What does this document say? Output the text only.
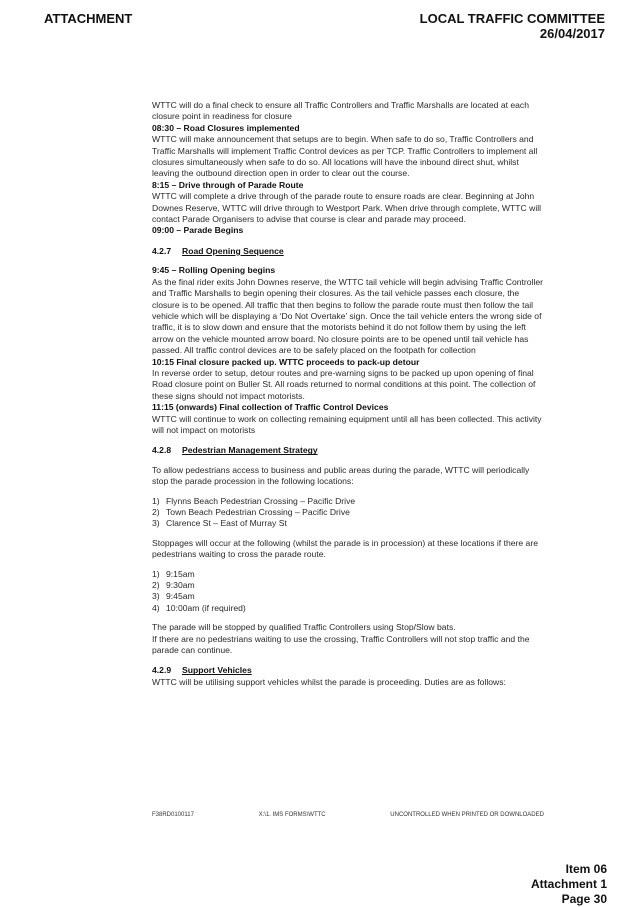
ATTACHMENT	LOCAL TRAFFIC COMMITTEE
26/04/2017

WTTC will do a final check to ensure all Traffic Controllers and Traffic Marshalls are located at each closure point in readiness for closure

08:30 – Road Closures implemented

WTTC will make announcement that setups are to begin. When safe to do so, Traffic Controllers and Traffic Marshalls will implement Traffic Control devices as per TCP. Traffic Controllers to implement all closures simultaneously when safe to do so. All locations will have the inbound direct shut, whilst leaving the outbound direction open in order to clear out the course.

8:15 – Drive through of Parade Route

WTTC will complete a drive through of the parade route to ensure roads are clear. Beginning at John Downes Reserve, WTTC will drive through to Westport Park. When drive through complete, WTTC will contact Parade Organisers to advise that course is clear and parade may proceed.

09:00 – Parade Begins

4.2.7 Road Opening Sequence

9:45 – Rolling Opening begins

As the final rider exits John Downes reserve, the WTTC tail vehicle will begin advising Traffic Controller and Traffic Marshalls to begin opening their closures. As the tail vehicle passes each closure, the closure is to be opened. All traffic that then begins to follow the parade route must then follow the tail vehicle which will be displaying a ‘Do Not Overtake’ sign. Once the tail vehicle enters the wrong side of traffic, it is to slow down and ensure that the motorists behind it do not follow them by using the left arrow on the vehicle mounted arrow board. No closure points are to be opened until tail vehicle has passed. All traffic control devices are to be safely placed on the footpath for collection

10:15 Final closure packed up. WTTC proceeds to pack-up detour

In reverse order to setup, detour routes and pre-warning signs to be packed up upon opening of final Road closure point on Buller St. All roads returned to normal conditions at this point. The collection of these signs should not impact motorists.

11:15 (onwards) Final collection of Traffic Control Devices

WTTC will continue to work on collecting remaining equipment until all has been collected. This activity will not impact on motorists

4.2.8 Pedestrian Management Strategy

To allow pedestrians access to business and public areas during the parade, WTTC will periodically stop the parade procession in the following locations:

1) Flynns Beach Pedestrian Crossing – Pacific Drive
2) Town Beach Pedestrian Crossing – Pacific Drive
3) Clarence St – East of Murray St

Stoppages will occur at the following (whilst the parade is in procession) at these locations if there are pedestrians waiting to cross the parade route.

1) 9:15am
2) 9:30am
3) 9:45am
4) 10:00am (if required)

The parade will be stopped by qualified Traffic Controllers using Stop/Slow bats.

If there are no pedestrians waiting to use the crossing, Traffic Controllers will not stop traffic and the parade can continue.

4.2.9 Support Vehicles

WTTC will be utilising support vehicles whilst the parade is proceeding. Duties are as follows:

F38RD0100117	X:\1. IMS FORMS\WTTC	UNCONTROLLED WHEN PRINTED OR DOWNLOADED
Item 06
Attachment 1
Page 30
